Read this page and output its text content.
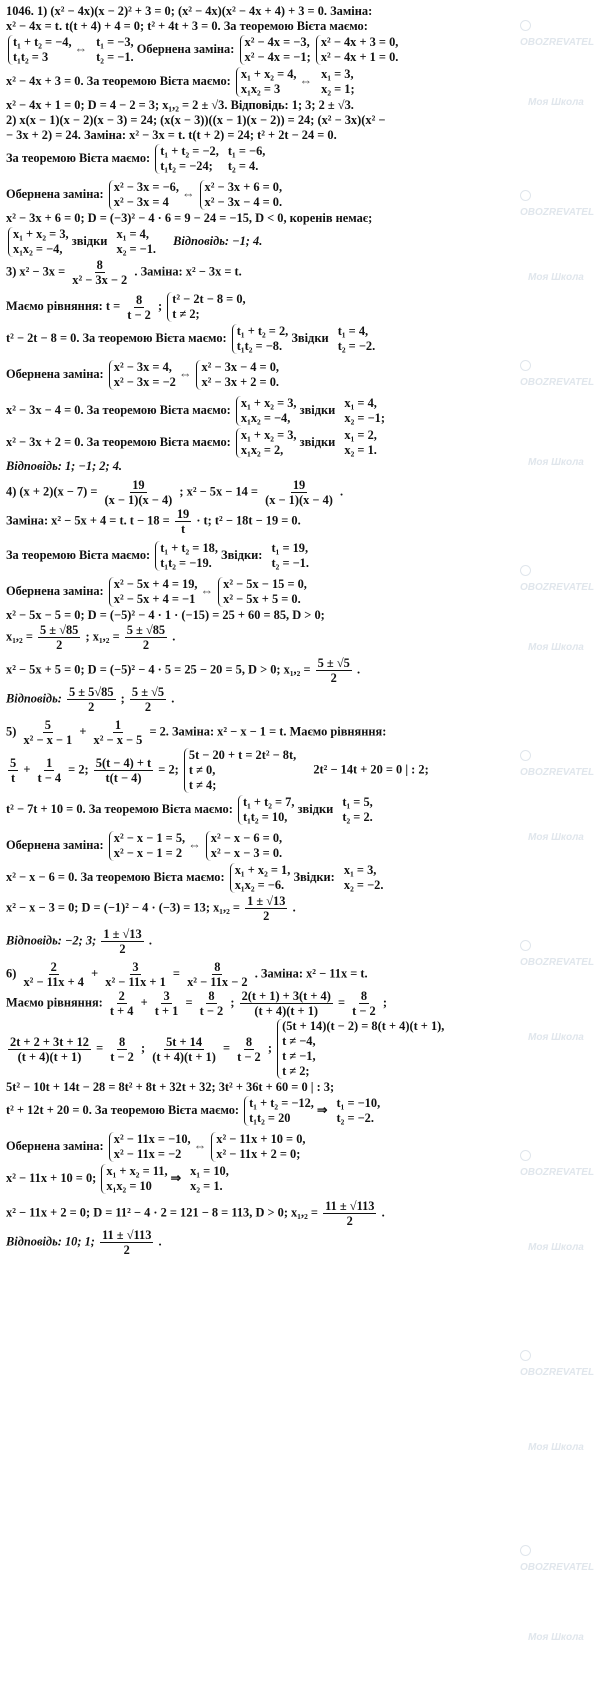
OBOZREVATEL
Моя Школа
OBOZREVATEL
Моя Школа
OBOZREVATEL
Моя Школа
OBOZREVATEL
Моя Школа
OBOZREVATEL
Моя Школа
OBOZREVATEL
Моя Школа
OBOZREVATEL
Моя Школа
OBOZREVATEL
Моя Школа
OBOZREVATEL
Моя Школа
1046. 1) (x² − 4x)(x − 2)² + 3 = 0; (x² − 4x)(x² − 4x + 4) + 3 = 0. Заміна:
x² − 4x = t. t(t + 4) + 4 = 0; t² + 4t + 3 = 0. За теоремою Вієта маємо:
t₁ + t₂ = −4,
t₁t₂ = 3
⇔ t₁ = −3,
t₂ = −1.
Обернена заміна: x² − 4x = −3,
x² − 4x = −1;

x² − 4x + 3 = 0,
x² − 4x + 1 = 0.
x² − 4x + 3 = 0. За теоремою Вієта маємо: x₁ + x₂ = 4,
x₁x₂ = 3
⇔ x₁ = 3,
x₂ = 1;
x² − 4x + 1 = 0; D = 4 − 2 = 3; x₁,₂ = 2 ± √3. Відповідь: 1; 3; 2 ± √3.
2) x(x − 1)(x − 2)(x − 3) = 24; (x(x − 3))((x − 1)(x − 2)) = 24; (x² − 3x)(x² −
− 3x + 2) = 24. Заміна: x² − 3x = t. t(t + 2) = 24; t² + 2t − 24 = 0.
За теоремою Вієта маємо: t₁ + t₂ = −2,
t₁t₂ = −24;

t₁ = −6,
t₂ = 4.
Обернена заміна: x² − 3x = −6,
x² − 3x = 4
⇔ x² − 3x + 6 = 0,
x² − 3x − 4 = 0.
x² − 3x + 6 = 0; D = (−3)² − 4 · 6 = 9 − 24 = −15, D < 0, коренів немає;
x₁ + x₂ = 3,
x₁x₂ = −4,
звідки x₁ = 4,
x₂ = −1.
Відповідь: −1; 4.
3) $x^2 - 3x = \frac{8}{\text{x² − 3x − 2}}$ . Заміна: x² − 3x = t.
Маємо рівняння: $t = \frac{8}{t - 2}$ ; t² − 2t − 8 = 0,
t ≠ 2;
t² − 2t − 8 = 0. За теоремою Вієта маємо: t₁ + t₂ = 2,
t₁t₂ = −8.
Звідки t₁ = 4,
t₂ = −2.
Обернена заміна: x² − 3x = 4,
x² − 3x = −2
⇔ x² − 3x − 4 = 0,
x² − 3x + 2 = 0.
x² − 3x − 4 = 0. За теоремою Вієта маємо: x₁ + x₂ = 3,
x₁x₂ = −4,
звідки x₁ = 4,
x₂ = −1;
x² − 3x + 2 = 0. За теоремою Вієта маємо: x₁ + x₂ = 3,
x₁x₂ = 2,
звідки x₁ = 2,
x₂ = 1.
Відповідь: 1; −1; 2; 4.
4) $(x + 2)(x - 7) = \frac{19}{(x - 1)(x - 4)}$ ; $x^2 - 5x - 14 = \frac{19}{(x - 1)(x - 4)}$ .
Заміна: x² − 5x + 4 = t. $t - 18 = \frac{19}{t} \cdot t$; t² − 18t − 19 = 0.
За теоремою Вієта маємо: t₁ + t₂ = 18,
t₁t₂ = −19.
Звідки: t₁ = 19,
t₂ = −1.
Обернена заміна: x² − 5x + 4 = 19,
x² − 5x + 4 = −1
⇔ x² − 5x − 15 = 0,
x² − 5x + 5 = 0.
x² − 5x − 5 = 0; D = (−5)² − 4 · 1 · (−15) = 25 + 60 = 85, D > 0;
$x_1,_2 = \frac{5 \pm √85}{2}$ ; $x_1,_2 = \frac{5 \pm √85}{2}$ .
x² − 5x + 5 = 0; D = (−5)² − 4 · 5 = 25 − 20 = 5, D > 0; $x_1,_2 = \frac{5 \pm √5}{2}$ .
Відповідь: $\frac{5 \pm 5√85}{2}$ ; $\frac{5 \pm √5}{2}$ .
$5) \frac{5}{\text{x² − x − 1}} + \frac{1}{\text{x² − x − 5}} = 2$. Заміна: x² − x − 1 = t. Маємо рівняння:
$\frac{5}{t} + \frac{1}{t - 4} = 2$; $\frac{5(t - 4) + t}{t(t - 4)} = 2$;
5t − 20 + t = 2t² − 8t,
t ≠ 0,
t ≠ 4;
2t² − 14t + 20 = 0 | : 2;
t² − 7t + 10 = 0. За теоремою Вієта маємо: t₁ + t₂ = 7,
t₁t₂ = 10,
звідки t₁ = 5,
t₂ = 2.
Обернена заміна: x² − x − 1 = 5,
x² − x − 1 = 2
⇔ x² − x − 6 = 0,
x² − x − 3 = 0.
x² − x − 6 = 0. За теоремою Вієта маємо: x₁ + x₂ = 1,
x₁x₂ = −6.
Звідки: x₁ = 3,
x₂ = −2.
x² − x − 3 = 0; D = (−1)² − 4 · (−3) = 13; $x_1,_2 = \frac{1 \pm √13}{2}$ .
Відповідь: −2; 3; $\frac{1 \pm √13}{2}$ .
$6) \frac{2}{\text{x² − 11x + 4}} + \frac{3}{\text{x² − 11x + 1}} = \frac{8}{\text{x² − 11x − 2}}$ . Заміна: x² − 11x = t.
Маємо рівняння: $\frac{2}{t + 4} + \frac{3}{t + 1} = \frac{8}{t - 2}$ ; $\frac{2(t + 1) + 3(t + 4)}{(t + 4)(t + 1)} = \frac{8}{t - 2}$ ;
$\frac{2t + 2 + 3t + 12}{(t + 4)(t + 1)} = \frac{8}{t - 2}$ ; $\frac{5t + 14}{(t + 4)(t + 1)} = \frac{8}{t - 2}$ ;
(5t + 14)(t − 2) = 8(t + 4)(t + 1),
t ≠ −4,
t ≠ −1,
t ≠ 2;
5t² − 10t + 14t − 28 = 8t² + 8t + 32t + 32; 3t² + 36t + 60 = 0 | : 3;
t² + 12t + 20 = 0. За теоремою Вієта маємо: t₁ + t₂ = −12,
t₁t₂ = 20
⇒ t₁ = −10,
t₂ = −2.
Обернена заміна: x² − 11x = −10,
x² − 11x = −2
⇔ x² − 11x + 10 = 0,
x² − 11x + 2 = 0;
x² − 11x + 10 = 0; x₁ + x₂ = 11,
x₁x₂ = 10
⇒ x₁ = 10,
x₂ = 1.
x² − 11x + 2 = 0; D = 11² − 4 · 2 = 121 − 8 = 113, D > 0; $x_1,_2 = \frac{11 \pm √113}{2}$ .
Відповідь: 10; 1; $\frac{11 \pm √113}{2}$ .
